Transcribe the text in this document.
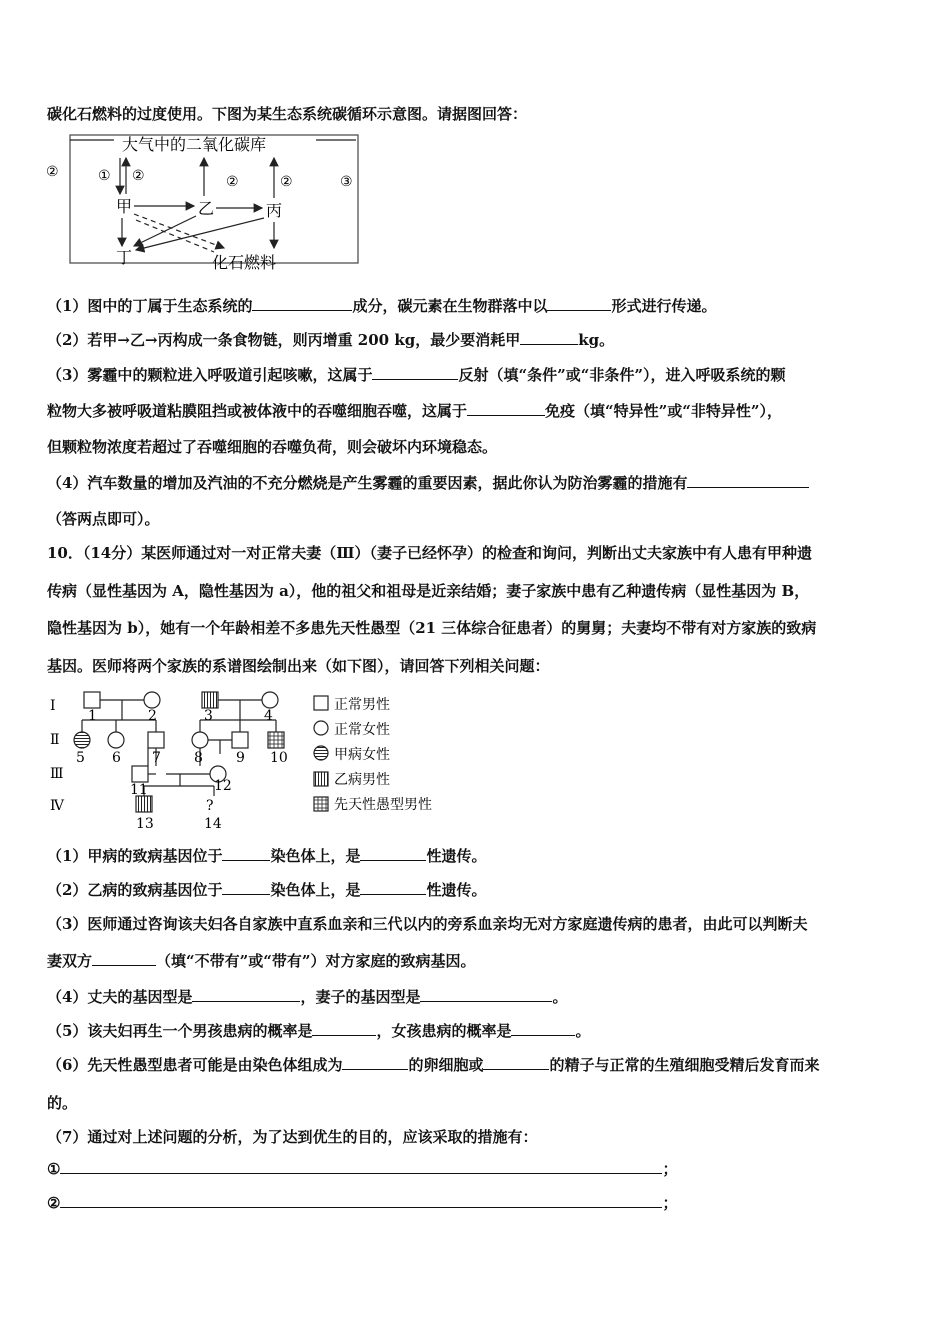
碳化石燃料的过度使用。下图为某生态系统碳循环示意图。请据图回答：
大气中的二氧化碳库
②	① ②	②	②	③
甲	乙	丙
丁	化石燃料
（1）图中的丁属于生态系统的	成分，碳元素在生物群落中以	形式进行传递。
（2）若甲→乙→丙构成一条食物链，则丙增重 200 kg，最少要消耗甲	kg。
（3）雾霾中的颗粒进入呼吸道引起咳嗽，这属于	反射（填“条件”或“非条件”），进入呼吸系统的颗
粒物大多被呼吸道粘膜阻挡或被体液中的吞噬细胞吞噬，这属于	免疫（填“特异性”或“非特异性”），
但颗粒物浓度若超过了吞噬细胞的吞噬负荷，则会破坏内环境稳态。
（4）汽车数量的增加及汽油的不充分燃烧是产生雾霾的重要因素，据此你认为防治雾霾的措施有
（答两点即可）。
10．（14分）某医师通过对一对正常夫妻（Ⅲ）（妻子已经怀孕）的检查和询问，判断出丈夫家族中有人患有甲种遗
传病（显性基因为 A，隐性基因为 a），他的祖父和祖母是近亲结婚；妻子家族中患有乙种遗传病（显性基因为 B，
隐性基因为 b），她有一个年龄相差不多患先天性愚型（21 三体综合征患者）的舅舅；夫妻均不带有对方家族的致病
基因。医师将两个家族的系谱图绘制出来（如下图），请回答下列相关问题：
Ⅰ
Ⅱ
Ⅲ
Ⅳ
1	2	3	4
5 6 7 8 9 10
11	12
13
?
14
正常男性
正常女性
甲病女性
乙病男性
先天性愚型男性
（1）甲病的致病基因位于	染色体上，是	性遗传。
（2）乙病的致病基因位于	染色体上，是	性遗传。
（3）医师通过咨询该夫妇各自家族中直系血亲和三代以内的旁系血亲均无对方家庭遗传病的患者，由此可以判断夫
妻双方	（填“不带有”或“带有”）对方家庭的致病基因。
（4）丈夫的基因型是	，妻子的基因型是	。
（5）该夫妇再生一个男孩患病的概率是	，女孩患病的概率是	。
（6）先天性愚型患者可能是由染色体组成为	的卵细胞或	的精子与正常的生殖细胞受精后发育而来
的。
（7）通过对上述问题的分析，为了达到优生的目的，应该采取的措施有：
①	；
②	；
